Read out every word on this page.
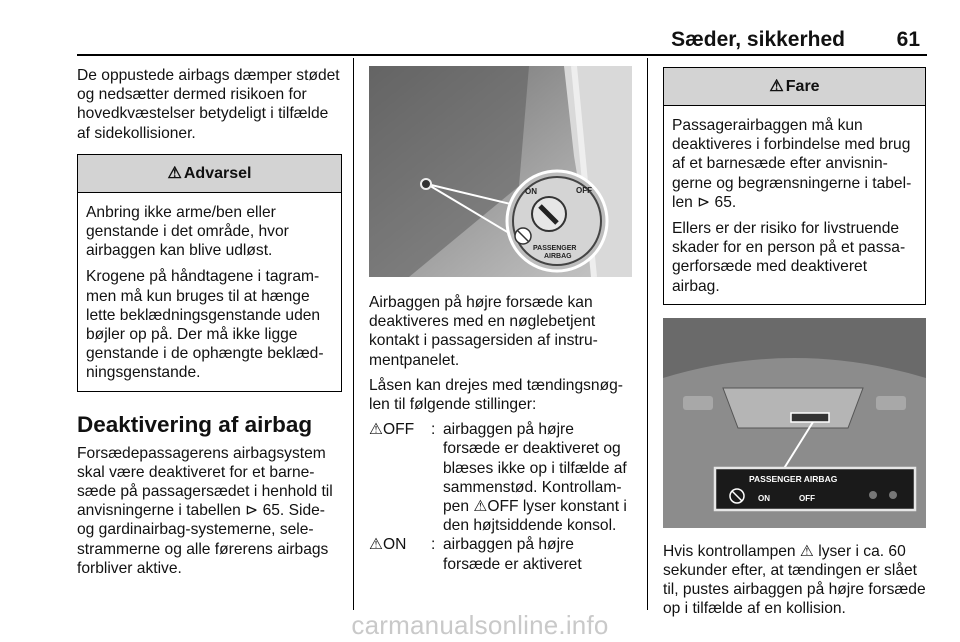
Sæder, sikkerhed 61

De oppustede airbags dæmper stødet og nedsætter dermed risikoen for hovedkvæstelser betydeligt i tilfælde af sidekollisioner.

⚠ Advarsel

Anbring ikke arme/ben eller genstande i det område, hvor airbaggen kan blive udløst.

Krogene på håndtagene i tagram-men må kun bruges til at hænge lette beklædningsgenstande uden bøjler op på. Der må ikke ligge genstande i de ophængte beklæd-ningsgenstande.

Deaktivering af airbag

Forsædepassagerens airbagsystem skal være deaktiveret for et barne-sæde på passagersædet i henhold til anvisningerne i tabellen ⊳ 65. Side- og gardinairbag-systemerne, sele-strammerne og alle førerens airbags forbliver aktive.

ON	OFF
PASSENGER
AIRBAG

Airbaggen på højre forsæde kan deaktiveres med en nøglebetjent kontakt i passagersiden af instru-mentpanelet.

Låsen kan drejes med tændingsnøg-len til følgende stillinger:

⚠OFF	: airbaggen på højre forsæde er deaktiveret og blæses ikke op i tilfælde af sammenstød. Kontrollam-pen ⚠OFF lyser konstant i den højtsiddende konsol.
⚠ON	: airbaggen på højre forsæde er aktiveret
⚠ Fare

Passagerairbaggen må kun deaktiveres i forbindelse med brug af et barnesæde efter anvisnin-gerne og begrænsningerne i tabel-len ⊳ 65.

Ellers er der risiko for livstruende skader for en person på et passa-gerforsæde med deaktiveret airbag.

PASSENGER AIRBAG
ON	OFF

Hvis kontrollampen ⚠ lyser i ca. 60 sekunder efter, at tændingen er slået til, pustes airbaggen på højre forsæde op i tilfælde af en kollision.

carmanualsonline.info
